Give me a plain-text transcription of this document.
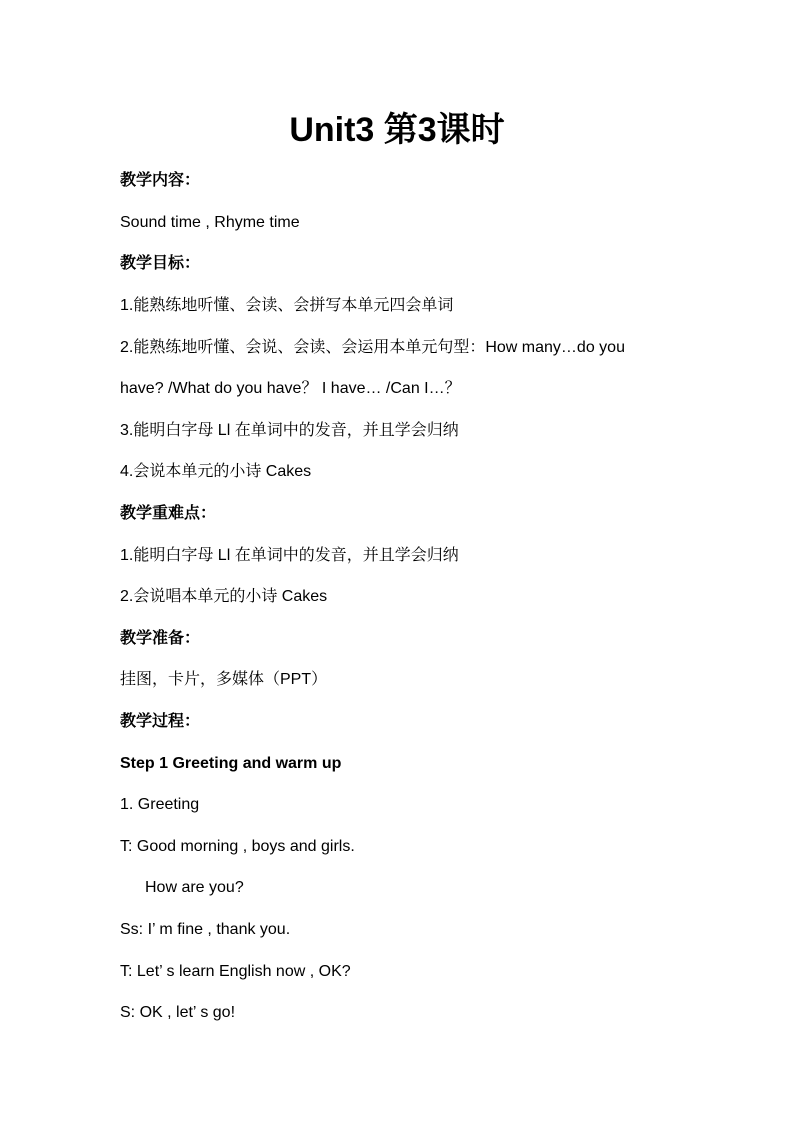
Unit3 第3课时

教学内容：

Sound time , Rhyme time

教学目标：

1.能熟练地听懂、会读、会拼写本单元四会单词

2.能熟练地听懂、会说、会读、会运用本单元句型：How many…do you

have? /What do you have？ I have… /Can I…？

3.能明白字母 Ll 在单词中的发音，并且学会归纳

4.会说本单元的小诗 Cakes

教学重难点：

1.能明白字母 Ll 在单词中的发音，并且学会归纳

2.会说唱本单元的小诗 Cakes

教学准备：

挂图，卡片，多媒体（PPT）

教学过程：

Step 1 Greeting and warm up

1. Greeting

T: Good morning , boys and girls.

How are you?

Ss: I’ m fine , thank you.

T: Let’ s learn English now , OK?

S: OK , let’ s go!
